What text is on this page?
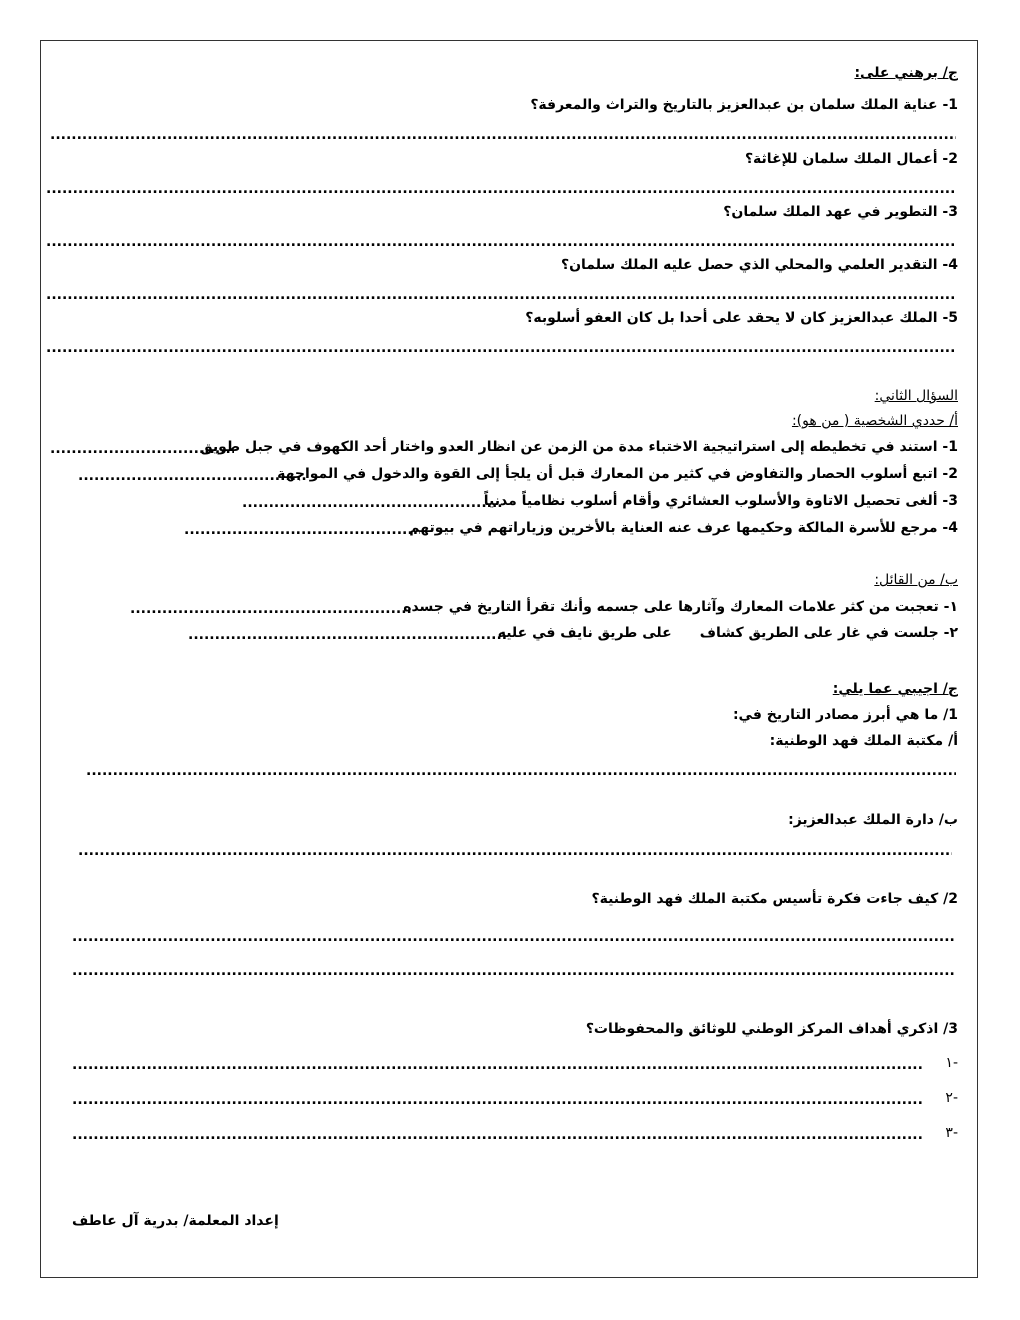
ج/ برهني على:
1- عناية الملك سلمان بن عبدالعزيز بالتاريخ والتراث والمعرفة؟
.....
2- أعمال الملك سلمان للإغاثة؟
.....
3- التطوير في عهد الملك سلمان؟
.....
4- التقدير العلمي والمحلي الذي حصل عليه الملك سلمان؟
.....
5- الملك عبدالعزيز كان لا يحقد على أحدا بل كان العفو أسلوبه؟
.....
السؤال الثاني:
أ/ حددي الشخصية ( من هو):
1- استند في تخطيطه إلى استراتيجية الاختباء مدة من الزمن عن انظار العدو واختار أحد الكهوف في جبل طويق
.....
2- اتبع أسلوب الحصار والتفاوض في كثير من المعارك قبل أن يلجأ إلى القوة والدخول في المواجهة
.....
3- ألغى تحصيل الاتاوة والأسلوب العشائري وأقام أسلوب نظامياً مدنياً
.....
4- مرجع للأسرة المالكة وحكيمها عرف عنه العناية بالأخرين وزياراتهم في بيوتهم
.....
ب/ من القائل:
١- تعجبت من كثر علامات المعارك وآثارها على جسمه وأنك تقرأ التاريخ في جسده
.....
٢- جلست في غار على الطريق كشافعلى طريق نايف في عليه
.....
ج/ اجيبي عما يلي:
1/ ما هي أبرز مصادر التاريخ في:
أ/ مكتبة الملك فهد الوطنية:
.....
ب/ دارة الملك عبدالعزيز:
.....
2/ كيف جاءت فكرة تأسيس مكتبة الملك فهد الوطنية؟
.....
.....
3/ اذكري أهداف المركز الوطني للوثائق والمحفوظات؟
-١
.....
-٢
.....
-٣
.....
إعداد المعلمة/ بدرية آل عاطف
